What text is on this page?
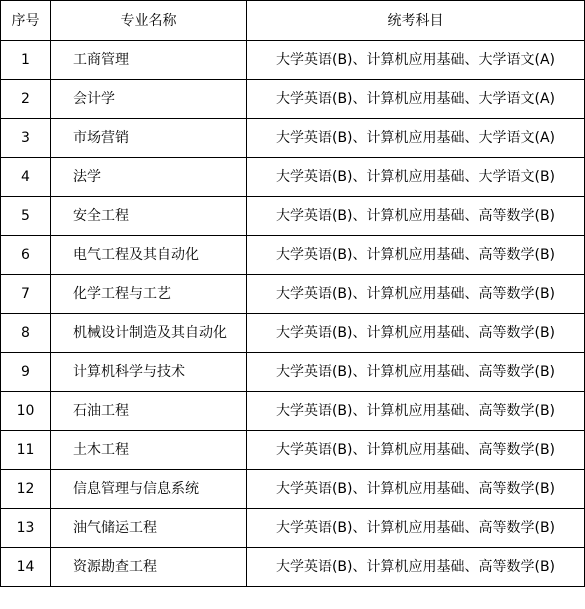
序号	专业名称	统考科目
1	工商管理	大学英语(B)、计算机应用基础、大学语文(A)
2	会计学	大学英语(B)、计算机应用基础、大学语文(A)
3	市场营销	大学英语(B)、计算机应用基础、大学语文(A)
4	法学	大学英语(B)、计算机应用基础、大学语文(B)
5	安全工程	大学英语(B)、计算机应用基础、高等数学(B)
6	电气工程及其自动化	大学英语(B)、计算机应用基础、高等数学(B)
7	化学工程与工艺	大学英语(B)、计算机应用基础、高等数学(B)
8	机械设计制造及其自动化	大学英语(B)、计算机应用基础、高等数学(B)
9	计算机科学与技术	大学英语(B)、计算机应用基础、高等数学(B)
10	石油工程	大学英语(B)、计算机应用基础、高等数学(B)
11	土木工程	大学英语(B)、计算机应用基础、高等数学(B)
12	信息管理与信息系统	大学英语(B)、计算机应用基础、高等数学(B)
13	油气储运工程	大学英语(B)、计算机应用基础、高等数学(B)
14	资源勘查工程	大学英语(B)、计算机应用基础、高等数学(B)
